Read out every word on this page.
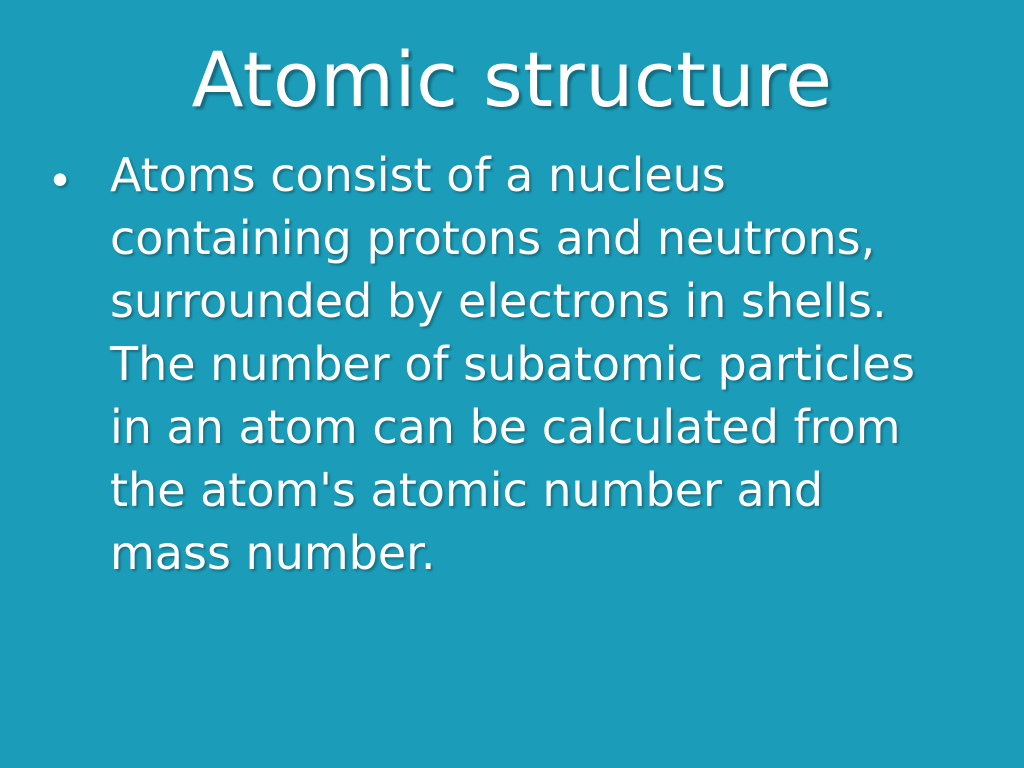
Atomic structure
• Atoms consist of a nucleus containing protons and neutrons, surrounded by electrons in shells. The number of subatomic particles in an atom can be calculated from the atom's atomic number and mass number.
